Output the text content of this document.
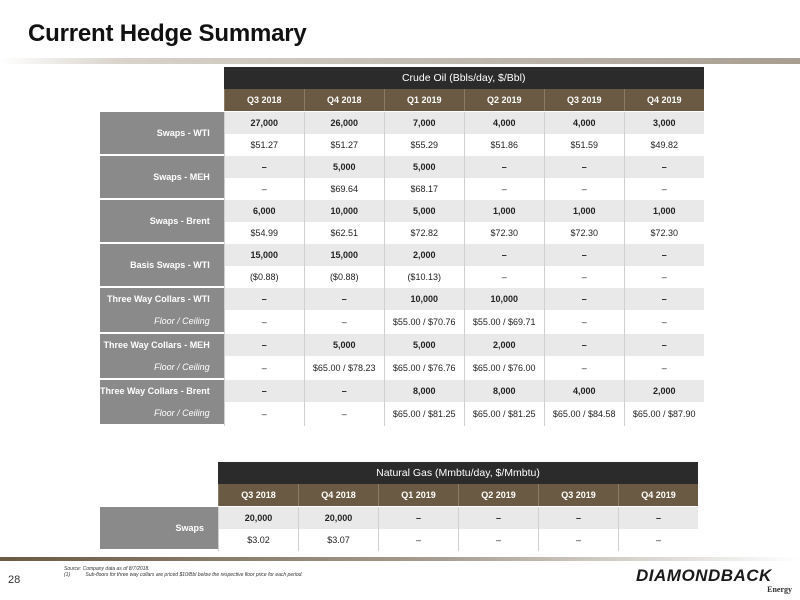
Current Hedge Summary
	Crude Oil (Bbls/day, $/Bbl)					
	Q3 2018	Q4 2018	Q1 2019	Q2 2019	Q3 2019	Q4 2019

Swaps - WTI	27,000	26,000	7,000	4,000	4,000	3,000
	$51.27	$51.27	$55.29	$51.86	$51.59	$49.82
Swaps - MEH	–	5,000	5,000	–	–	–
	–	$69.64	$68.17	–	–	–
Swaps - Brent	6,000	10,000	5,000	1,000	1,000	1,000
	$54.99	$62.51	$72.82	$72.30	$72.30	$72.30
Basis Swaps - WTI	15,000	15,000	2,000	–	–	–
	($0.88)	($0.88)	($10.13)	–	–	–
Three Way Collars - WTI	–	–	10,000	10,000	–	–
Floor / Ceiling	–	–	$55.00 / $70.76	$55.00 / $69.71	–	–
Three Way Collars - MEH	–	5,000	5,000	2,000	–	–
Floor / Ceiling	–	$65.00 / $78.23	$65.00 / $76.76	$65.00 / $76.00	–	–
Three Way Collars - Brent	–	–	8,000	8,000	4,000	2,000
Floor / Ceiling	–	–	$65.00 / $81.25	$65.00 / $81.25	$65.00 / $84.58	$65.00 / $87.90
	Natural Gas (Mmbtu/day, $/Mmbtu)					
	Q3 2018	Q4 2018	Q1 2019	Q2 2019	Q3 2019	Q4 2019

Swaps	20,000	20,000	–	–	–	–
	$3.02	$3.07	–	–	–	–
Source: Company data as of 8/7/2018.
(1)	Sub-floors for three way collars are priced $10/Bbl below the respective floor price for each period.
28	DIAMONDBACK
Energy
